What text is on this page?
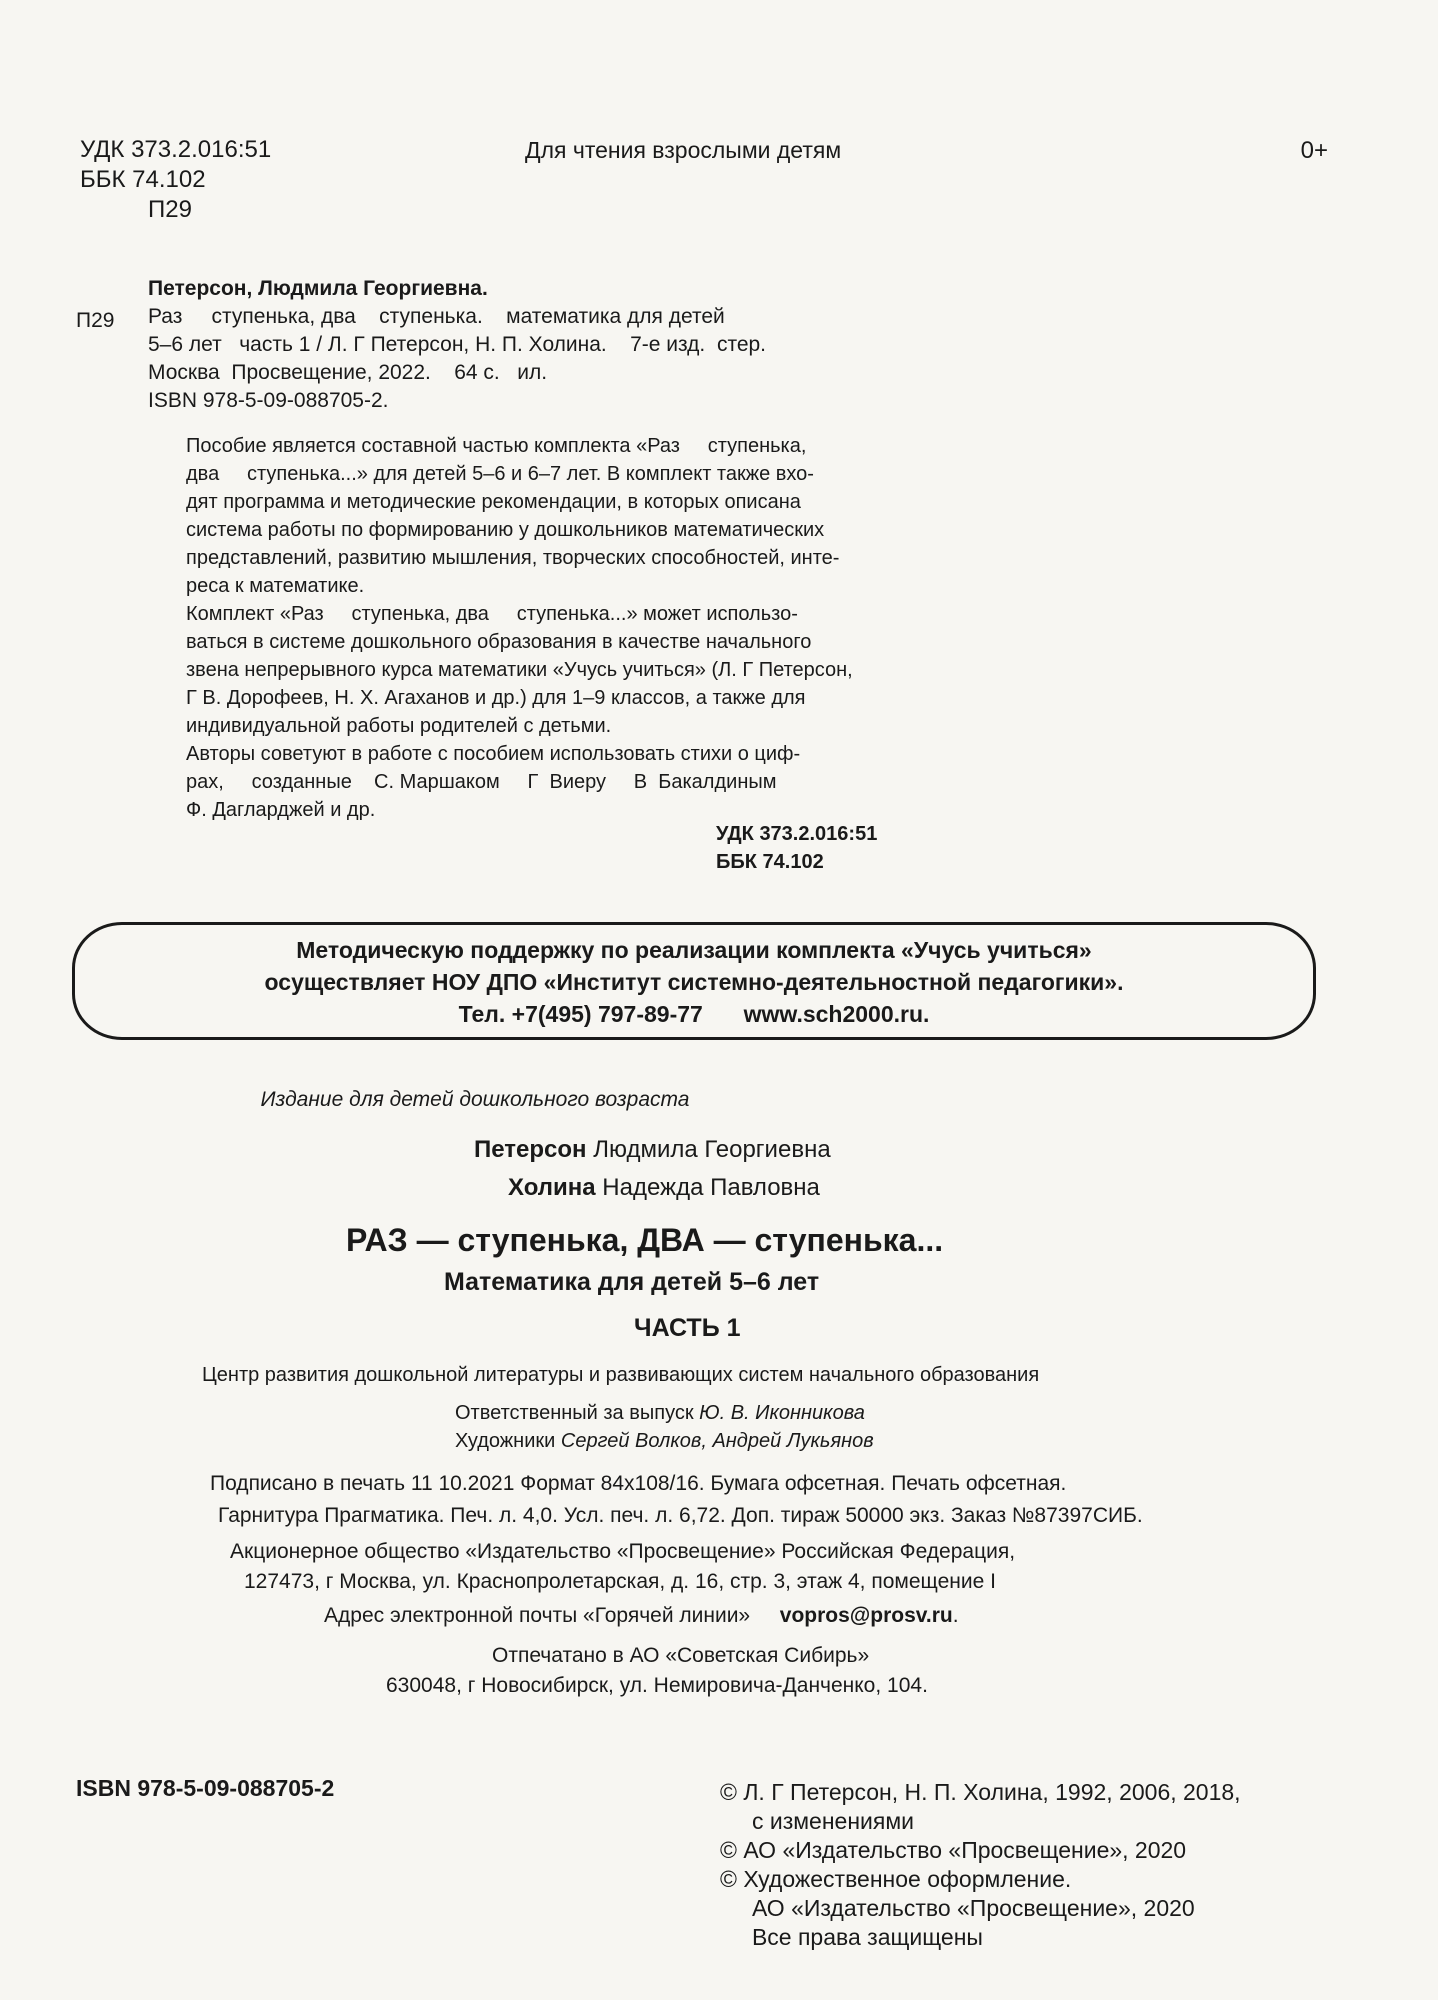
УДК 373.2.016:51
ББК 74.102
П29
Для чтения взрослыми детям	0+
Петерсон, Людмила Георгиевна.
Раз     ступенька, два    ступенька.    математика для детей
5–6 лет   часть 1 / Л. Г Петерсон, Н. П. Холина.    7-е изд.  стер.
Москва  Просвещение, 2022.    64 с.   ил.
ISBN 978-5-09-088705-2.
П29
Пособие является составной частью комплекта «Раз     ступенька,
два     ступенька...» для детей 5–6 и 6–7 лет. В комплект также вхо-
дят программа и методические рекомендации, в которых описана
система работы по формированию у дошкольников математических
представлений, развитию мышления, творческих способностей, инте-
реса к математике.
Комплект «Раз     ступенька, два     ступенька...» может использо-
ваться в системе дошкольного образования в качестве начального
звена непрерывного курса математики «Учусь учиться» (Л. Г Петерсон,
Г В. Дорофеев, Н. Х. Агаханов и др.) для 1–9 классов, а также для
индивидуальной работы родителей с детьми.
Авторы советуют в работе с пособием использовать стихи о циф-
рах,     созданные    С. Маршаком     Г  Виеру     В  Бакалдиным
Ф. Дагларджей и др.
УДК 373.2.016:51
ББК 74.102
Методическую поддержку по реализации комплекта «Учусь учиться»
осуществляет НОУ ДПО «Институт системно-деятельностной педагогики».
Тел. +7(495) 797-89-77 www.sch2000.ru.
Издание для детей дошкольного возраста
Петерсон Людмила Георгиевна
Холина Надежда Павловна
РАЗ — ступенька, ДВА — ступенька...
Математика для детей 5–6 лет
ЧАСТЬ 1
Центр развития дошкольной литературы и развивающих систем начального образования
Ответственный за выпуск Ю. В. Иконникова
Художники Сергей Волков, Андрей Лукьянов
Подписано в печать 11 10.2021 Формат 84x108/16. Бумага офсетная. Печать офсетная.
Гарнитура Прагматика. Печ. л. 4,0. Усл. печ. л. 6,72. Доп. тираж 50000 экз. Заказ №87397СИБ.
Акционерное общество «Издательство «Просвещение» Российская Федерация,
127473, г Москва, ул. Краснопролетарская, д. 16, стр. 3, этаж 4, помещение I
Адрес электронной почты «Горячей линии» vopros@prosv.ru.
Отпечатано в АО «Советская Сибирь»
630048, г Новосибирск, ул. Немировича-Данченко, 104.
ISBN 978-5-09-088705-2	© Л. Г Петерсон, Н. П. Холина, 1992, 2006, 2018,
с изменениями
© АО «Издательство «Просвещение», 2020
© Художественное оформление.
АО «Издательство «Просвещение», 2020
Все права защищены
